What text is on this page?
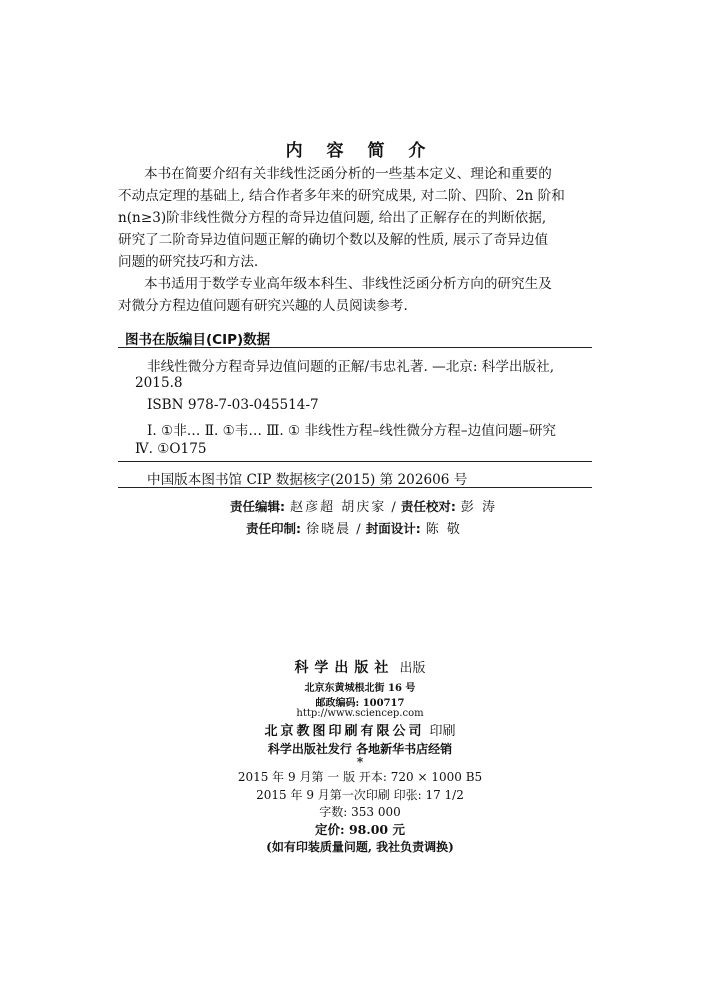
内 容 简 介
本书在简要介绍有关非线性泛函分析的一些基本定义、理论和重要的
不动点定理的基础上, 结合作者多年来的研究成果, 对二阶、四阶、2n 阶和
n(n≥3)阶非线性微分方程的奇异边值问题, 给出了正解存在的判断依据,
研究了二阶奇异边值问题正解的确切个数以及解的性质, 展示了奇异边值
问题的研究技巧和方法.
本书适用于数学专业高年级本科生、非线性泛函分析方向的研究生及
对微分方程边值问题有研究兴趣的人员阅读参考.
图书在版编目(CIP)数据
非线性微分方程奇异边值问题的正解/韦忠礼著. —北京: 科学出版社,
2015.8
ISBN 978-7-03-045514-7
Ⅰ. ①非… Ⅱ. ①韦… Ⅲ. ① 非线性方程–线性微分方程–边值问题–研究
Ⅳ. ①O175
中国版本图书馆 CIP 数据核字(2015) 第 202606 号
责任编辑: 赵彦超 胡庆家 / 责任校对: 彭 涛
责任印制: 徐晓晨 / 封面设计: 陈 敬
科学出版社 出版
北京东黄城根北街 16 号
邮政编码: 100717
http://www.sciencep.com
北京教图印刷有限公司 印刷
科学出版社发行 各地新华书店经销
*
2015 年 9 月第 一 版 开本: 720 × 1000 B5
2015 年 9 月第一次印刷 印张: 17 1/2
字数: 353 000
定价: 98.00 元
(如有印装质量问题, 我社负责调换)
